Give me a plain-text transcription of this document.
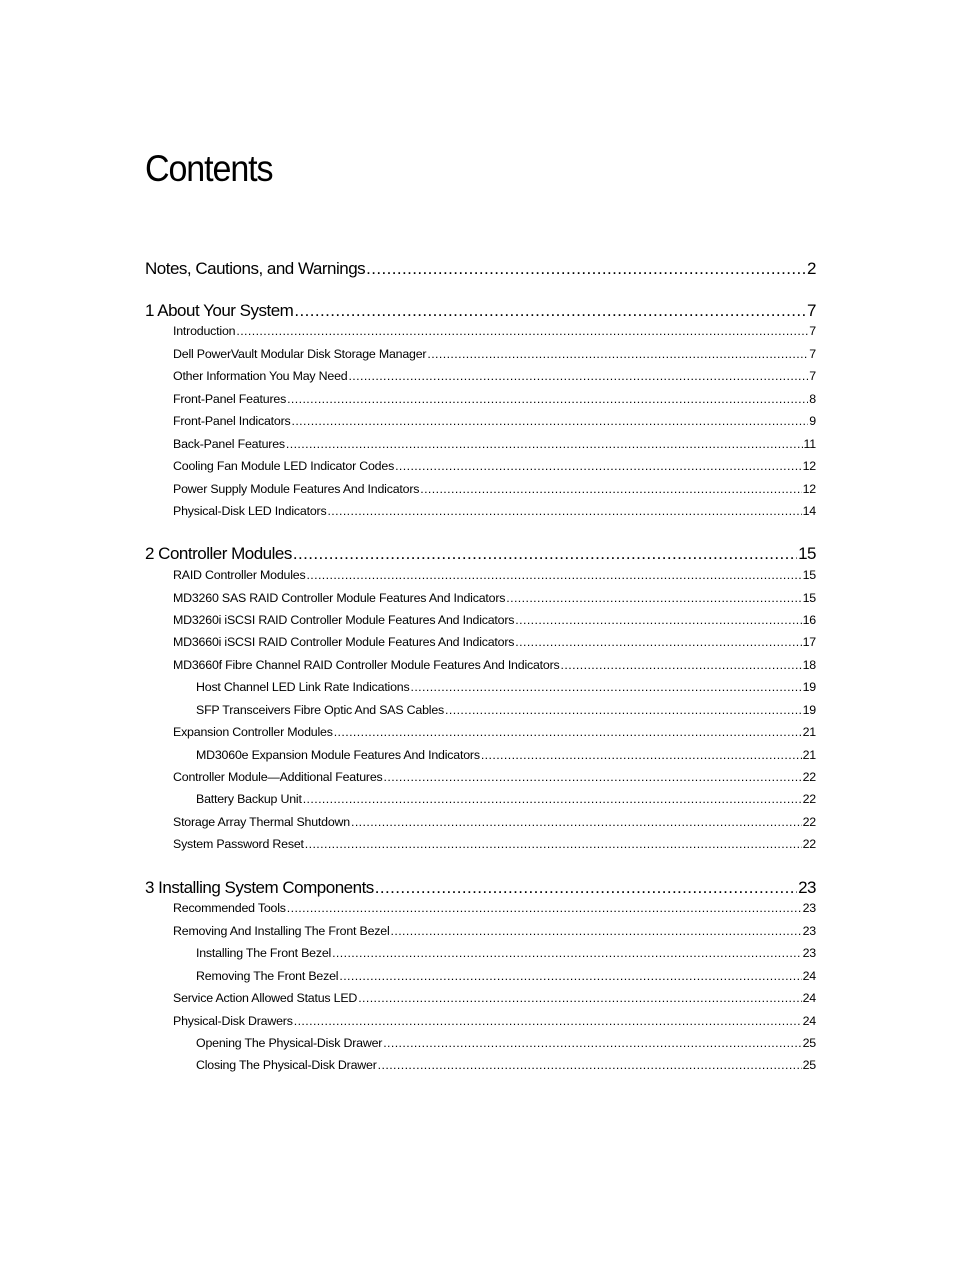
Contents
Notes, Cautions, and Warnings .....	2
1 About Your System .....	7
Introduction .....	7
Dell PowerVault Modular Disk Storage Manager .....	7
Other Information You May Need .....	7
Front-Panel Features .....	8
Front-Panel Indicators .....	9
Back-Panel Features .....	11
Cooling Fan Module LED Indicator Codes .....	12
Power Supply Module Features And Indicators .....	12
Physical-Disk LED Indicators .....	14
2 Controller Modules .....	15
RAID Controller Modules .....	15
MD3260 SAS RAID Controller Module Features And Indicators .....	15
MD3260i iSCSI RAID Controller Module Features And Indicators .....	16
MD3660i iSCSI RAID Controller Module Features And Indicators .....	17
MD3660f Fibre Channel RAID Controller Module Features And Indicators .....	18
Host Channel LED Link Rate Indications .....	19
SFP Transceivers Fibre Optic And SAS Cables .....	19
Expansion Controller Modules .....	21
MD3060e Expansion Module Features And Indicators .....	21
Controller Module—Additional Features .....	22
Battery Backup Unit .....	22
Storage Array Thermal Shutdown .....	22
System Password Reset .....	22
3 Installing System Components .....	23
Recommended Tools .....	23
Removing And Installing The Front Bezel .....	23
Installing The Front Bezel .....	23
Removing The Front Bezel .....	24
Service Action Allowed Status LED .....	24
Physical-Disk Drawers .....	24
Opening The Physical-Disk Drawer .....	25
Closing The Physical-Disk Drawer .....	25
